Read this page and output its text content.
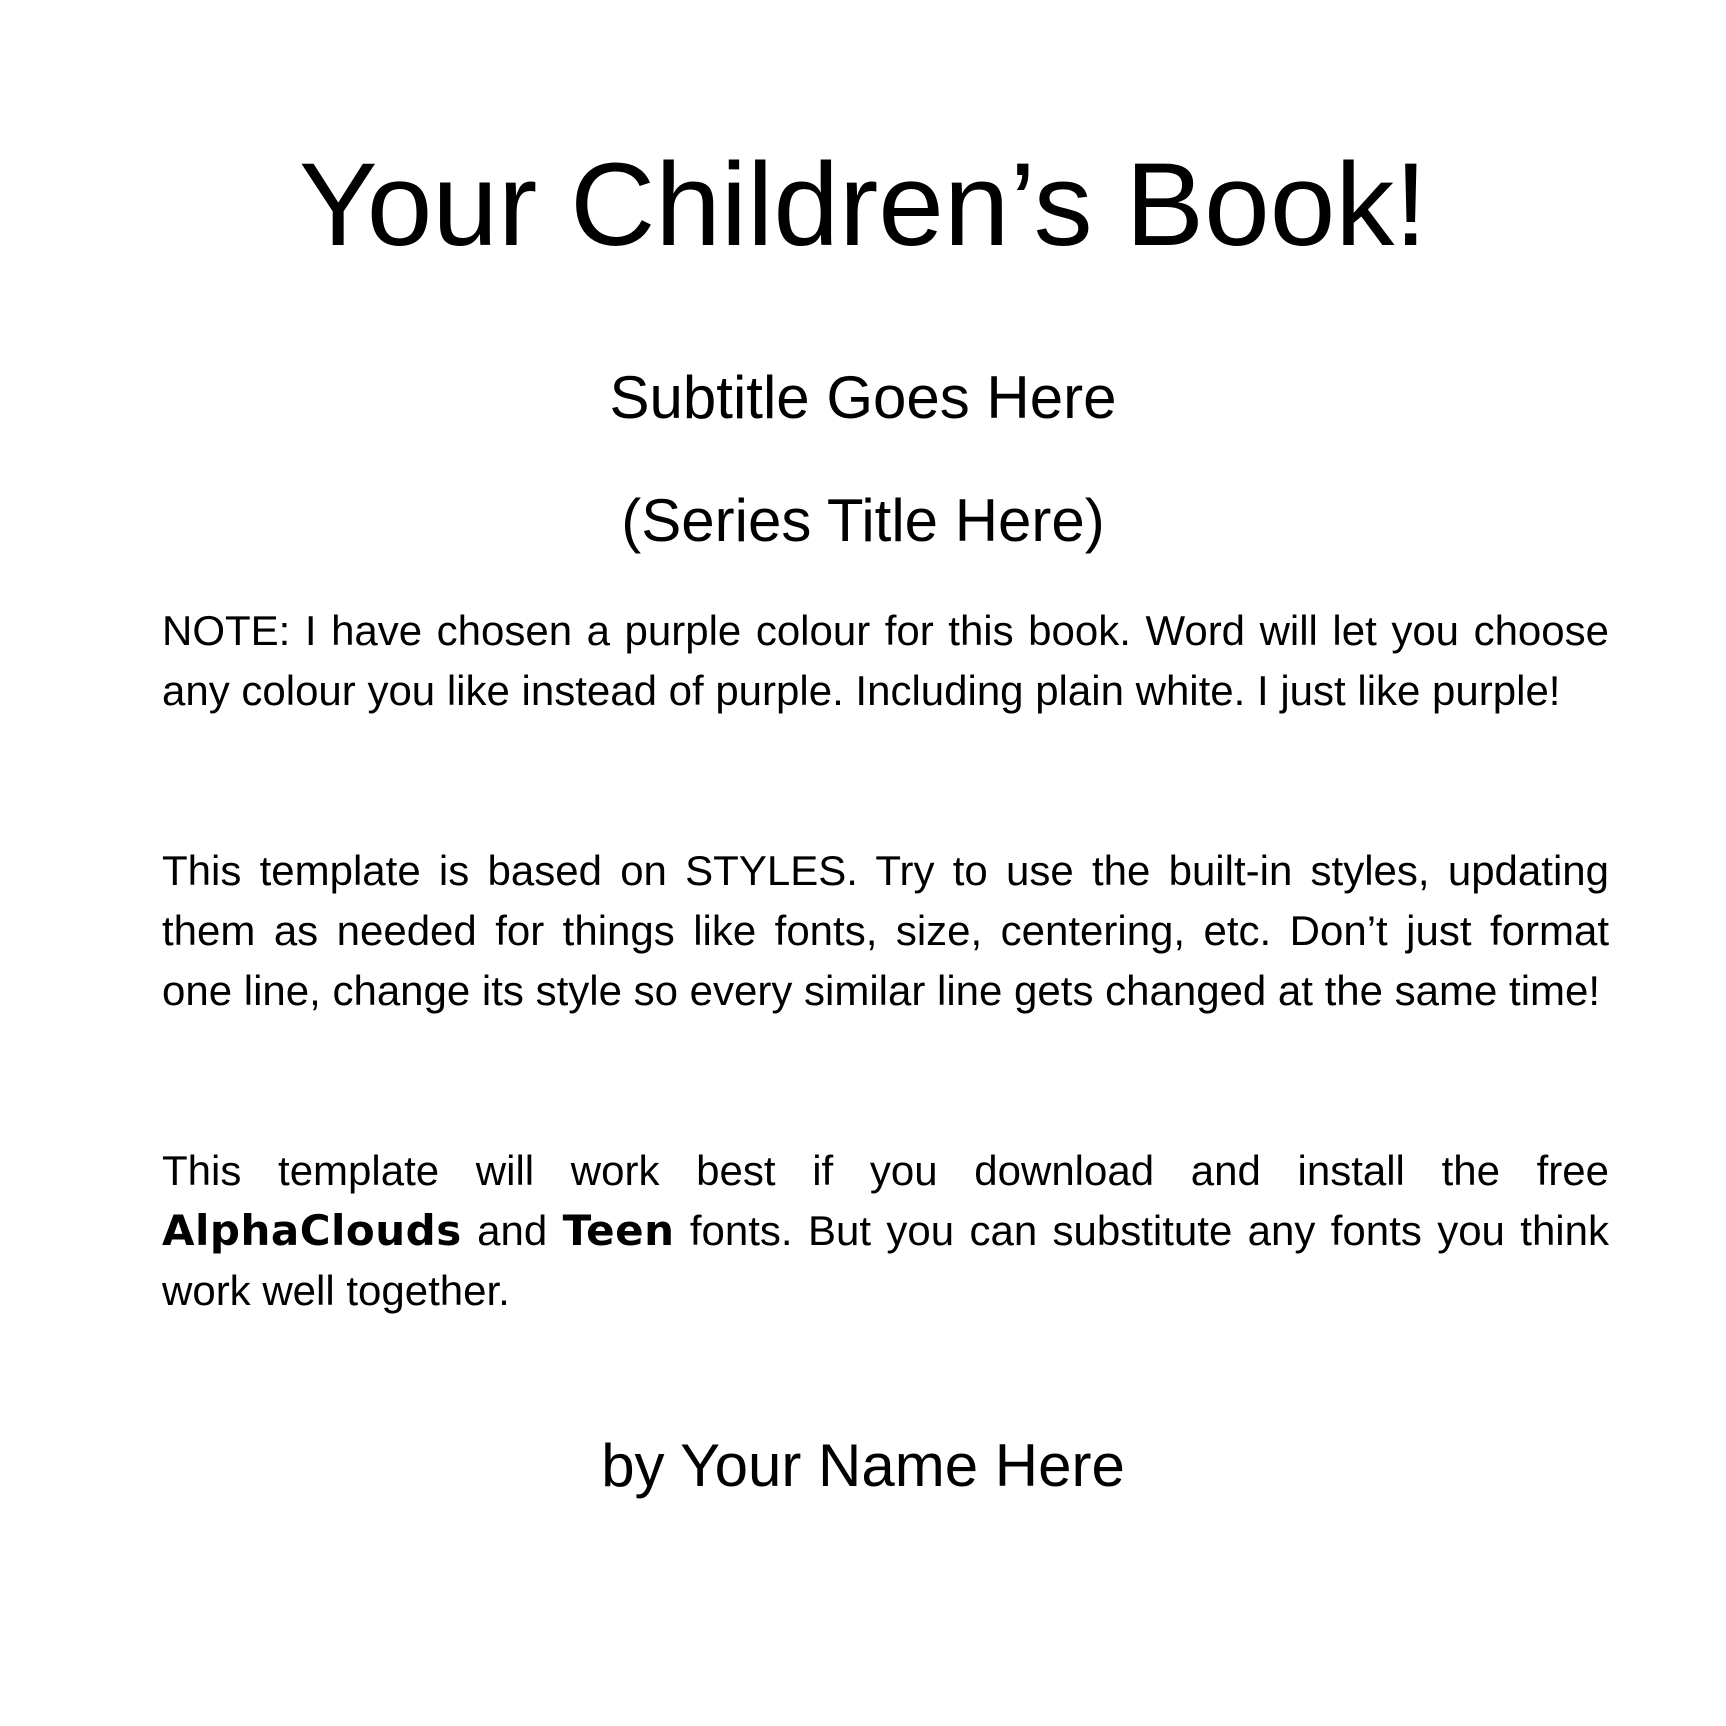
Your Children’s Book!

Subtitle Goes Here

(Series Title Here)

NOTE: I have chosen a purple colour for this book. Word will let you choose any colour you like instead of purple. Including plain white. I just like purple!

This template is based on STYLES. Try to use the built-in styles, updating them as needed for things like fonts, size, centering, etc. Don’t just format one line, change its style so every similar line gets changed at the same time!

This template will work best if you download and install the free AlphaClouds and Teen fonts. But you can substitute any fonts you think work well together.

by Your Name Here
